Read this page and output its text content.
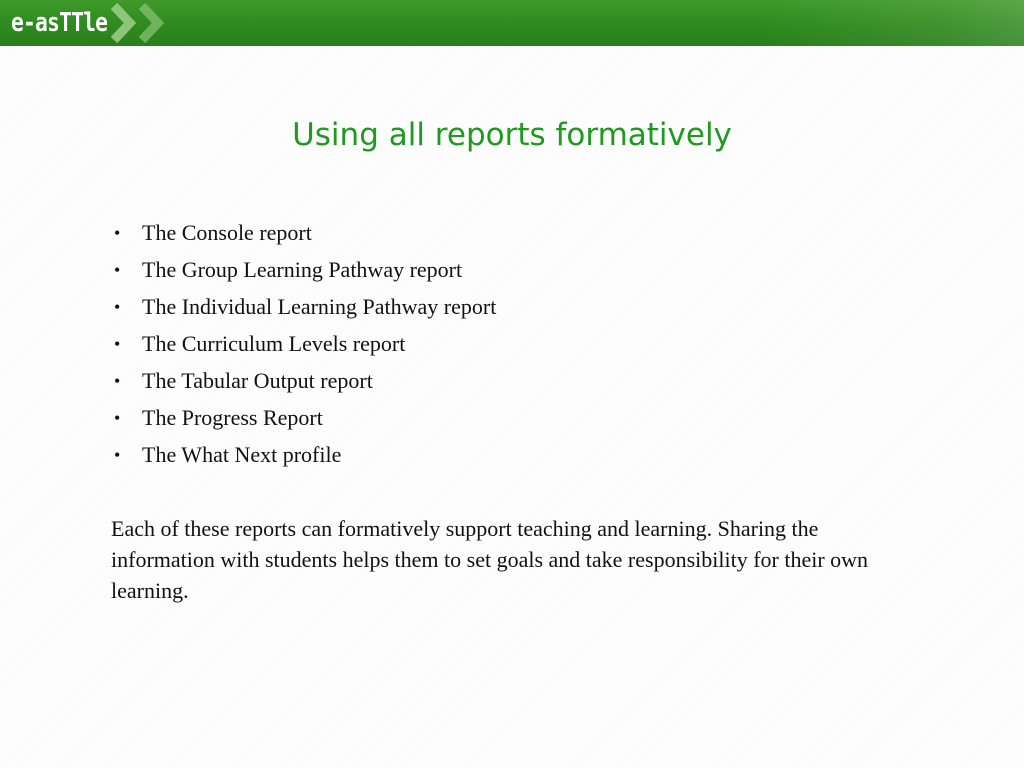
e-asTTle
Using all reports formatively
• The Console report
• The Group Learning Pathway report
• The Individual Learning Pathway report
• The Curriculum Levels report
• The Tabular Output report
• The Progress Report
• The What Next profile

Each of these reports can formatively support teaching and learning. Sharing the information with students helps them to set goals and take responsibility for their own learning.
